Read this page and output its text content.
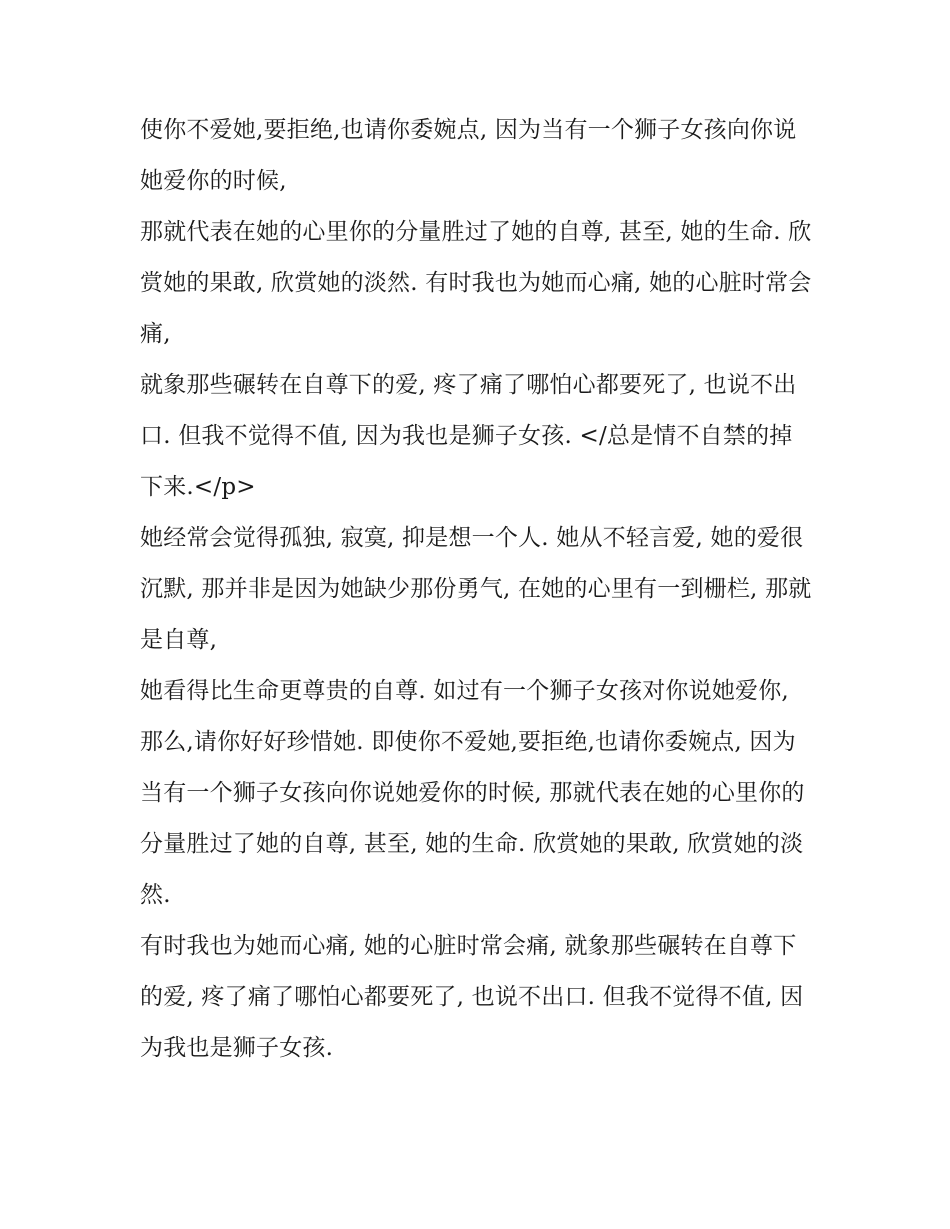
使你不爱她,要拒绝,也请你委婉点, 因为当有一个狮子女孩向你说她爱你的时候,

那就代表在她的心里你的分量胜过了她的自尊, 甚至, 她的生命. 欣赏她的果敢, 欣赏她的淡然. 有时我也为她而心痛, 她的心脏时常会痛,

就象那些碾转在自尊下的爱, 疼了痛了哪怕心都要死了, 也说不出口. 但我不觉得不值, 因为我也是狮子女孩. </总是情不自禁的掉下来.</p>

她经常会觉得孤独, 寂寞, 抑是想一个人. 她从不轻言爱, 她的爱很沉默, 那并非是因为她缺少那份勇气, 在她的心里有一到栅栏, 那就是自尊,

她看得比生命更尊贵的自尊. 如过有一个狮子女孩对你说她爱你, 那么,请你好好珍惜她. 即使你不爱她,要拒绝,也请你委婉点, 因为当有一个狮子女孩向你说她爱你的时候, 那就代表在她的心里你的分量胜过了她的自尊, 甚至, 她的生命. 欣赏她的果敢, 欣赏她的淡然.

有时我也为她而心痛, 她的心脏时常会痛, 就象那些碾转在自尊下的爱, 疼了痛了哪怕心都要死了, 也说不出口. 但我不觉得不值, 因为我也是狮子女孩.
